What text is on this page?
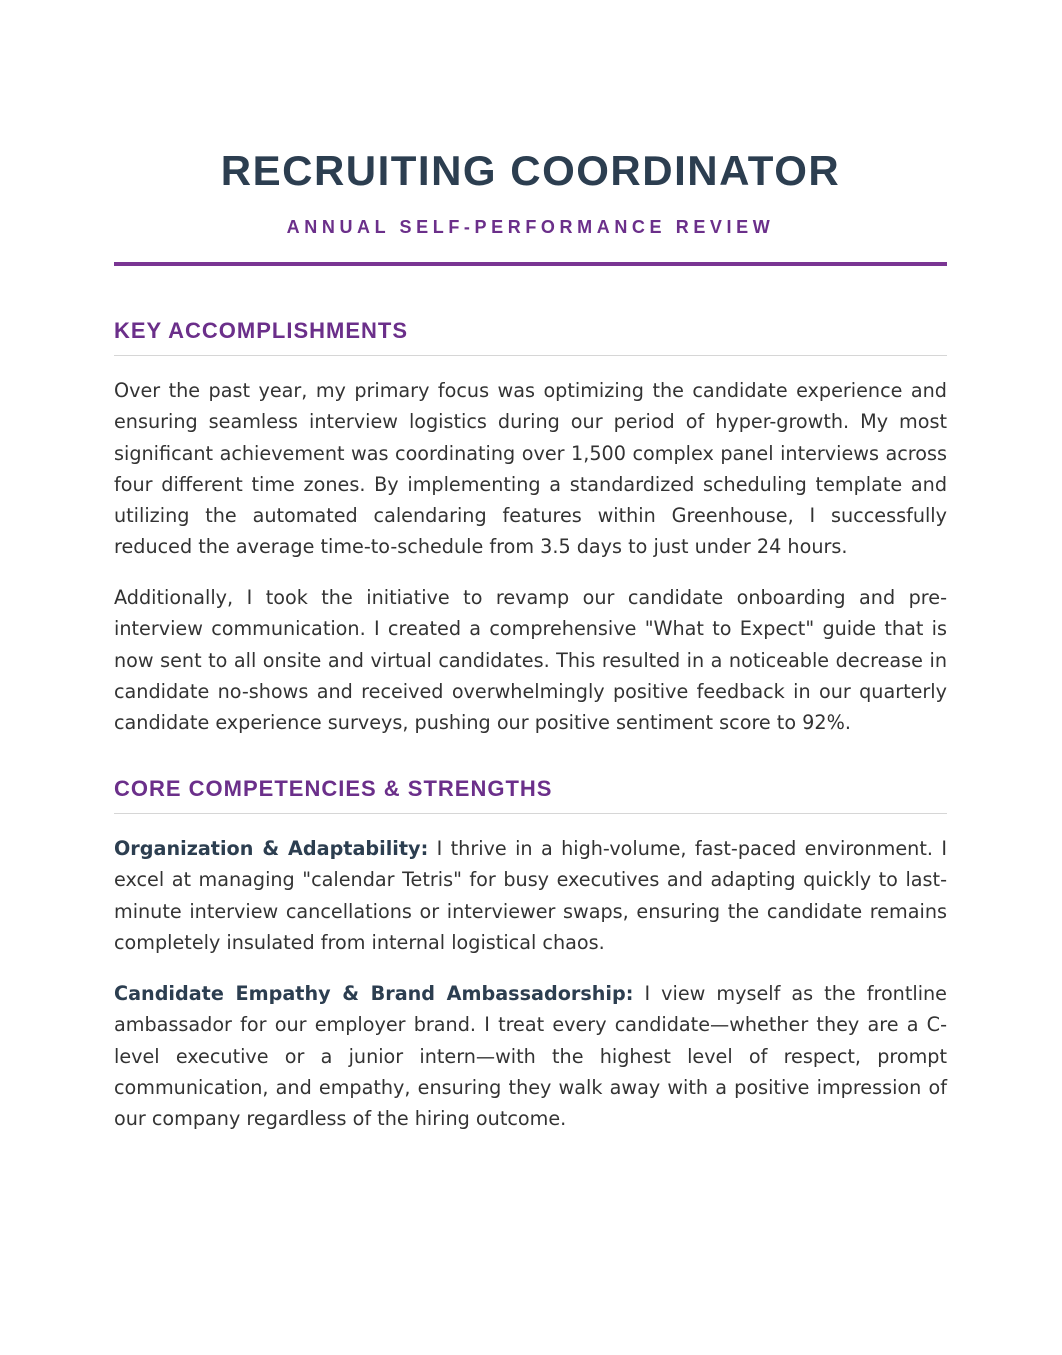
RECRUITING COORDINATOR
ANNUAL SELF-PERFORMANCE REVIEW
KEY ACCOMPLISHMENTS

Over the past year, my primary focus was optimizing the candidate experience and ensuring seamless interview logistics during our period of hyper-growth. My most significant achievement was coordinating over 1,500 complex panel interviews across four different time zones. By implementing a standardized scheduling template and utilizing the automated calendaring features within Greenhouse, I successfully reduced the average time-to-schedule from 3.5 days to just under 24 hours.

Additionally, I took the initiative to revamp our candidate onboarding and pre-interview communication. I created a comprehensive "What to Expect" guide that is now sent to all onsite and virtual candidates. This resulted in a noticeable decrease in candidate no-shows and received overwhelmingly positive feedback in our quarterly candidate experience surveys, pushing our positive sentiment score to 92%.

CORE COMPETENCIES & STRENGTHS

Organization & Adaptability: I thrive in a high-volume, fast-paced environment. I excel at managing "calendar Tetris" for busy executives and adapting quickly to last-minute interview cancellations or interviewer swaps, ensuring the candidate remains completely insulated from internal logistical chaos.

Candidate Empathy & Brand Ambassadorship: I view myself as the frontline ambassador for our employer brand. I treat every candidate—whether they are a C-level executive or a junior intern—with the highest level of respect, prompt communication, and empathy, ensuring they walk away with a positive impression of our company regardless of the hiring outcome.
